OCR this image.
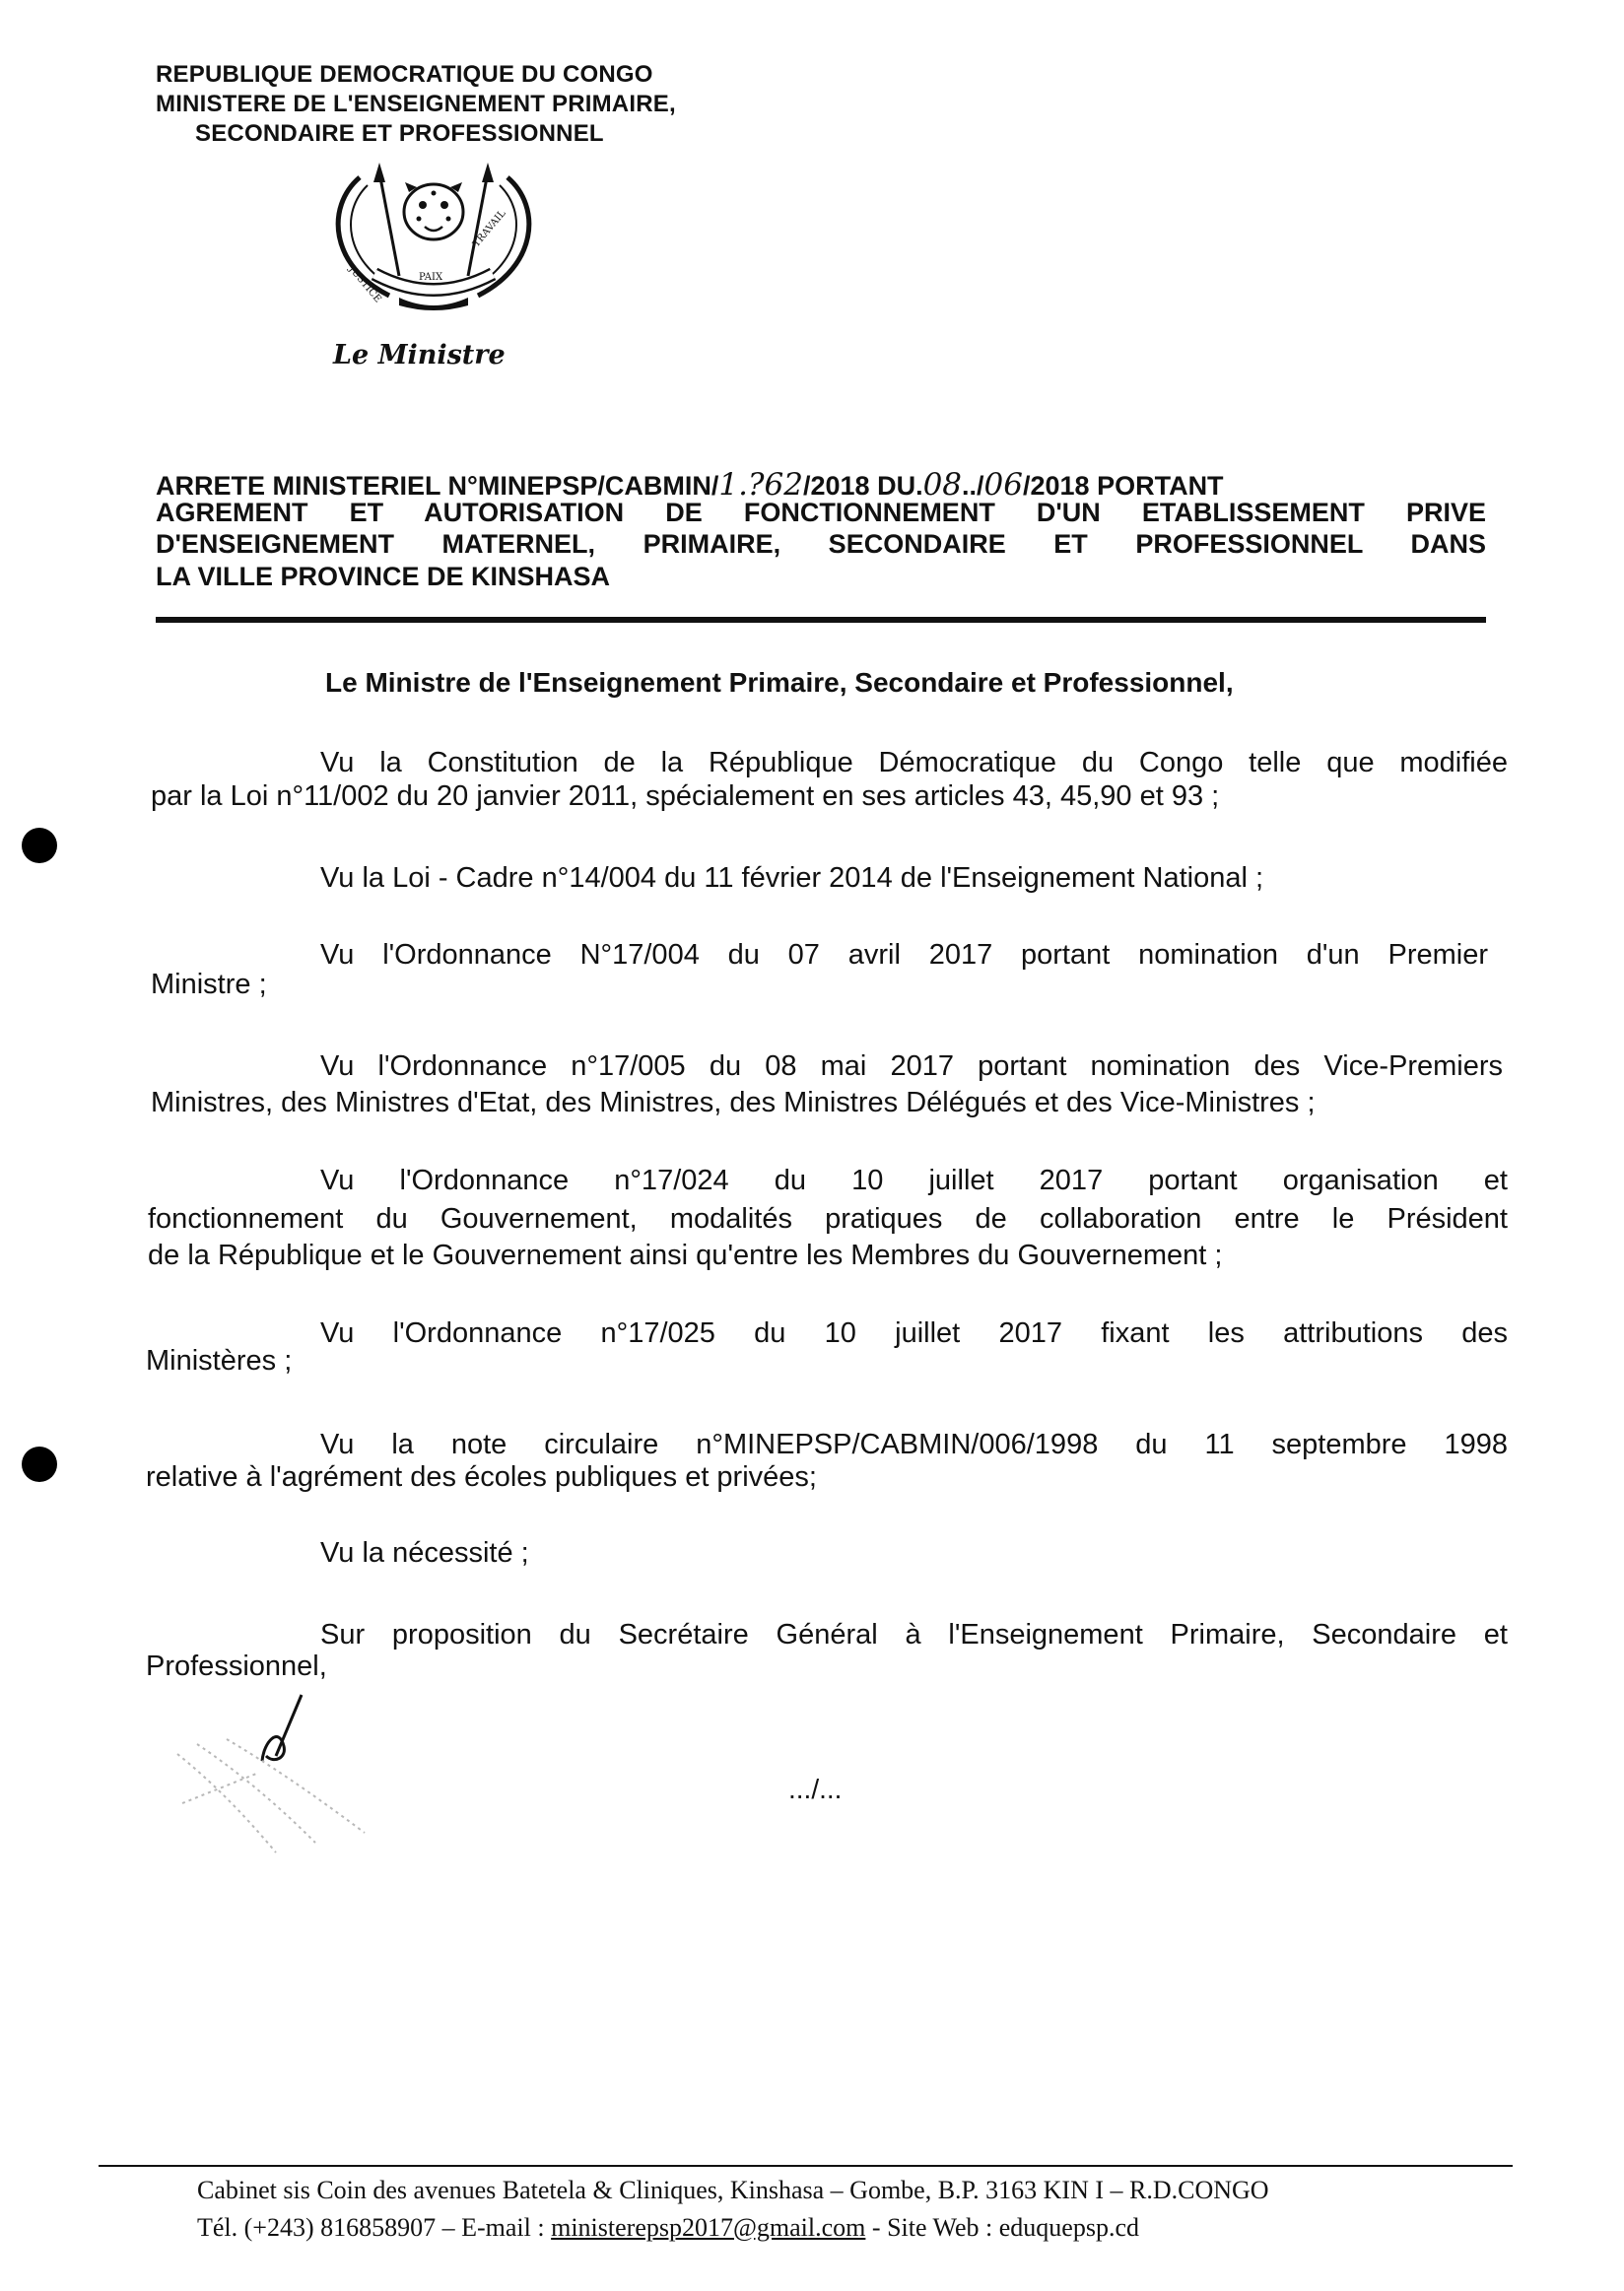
REPUBLIQUE DEMOCRATIQUE DU CONGO
MINISTERE DE L'ENSEIGNEMENT PRIMAIRE,
SECONDAIRE ET PROFESSIONNEL
JUSTICE	PAIX
TRAVAIL
Le Ministre
ARRETE MINISTERIEL N°MINEPSP/CABMIN/1.?62/2018 DU.08../06/2018 PORTANT
AGREMENT ET AUTORISATION DE FONCTIONNEMENT D'UN ETABLISSEMENT PRIVE
D'ENSEIGNEMENT MATERNEL, PRIMAIRE, SECONDAIRE ET PROFESSIONNEL DANS
LA VILLE PROVINCE DE KINSHASA
Le Ministre de l'Enseignement Primaire, Secondaire et Professionnel,
Vu la Constitution de la République Démocratique du Congo telle que modifiée
par la Loi n°11/002 du 20 janvier 2011, spécialement en ses articles 43, 45,90 et 93 ;
Vu la Loi - Cadre n°14/004 du 11 février 2014 de l'Enseignement National ;
Vu l'Ordonnance N°17/004 du 07 avril 2017 portant nomination d'un Premier
Ministre ;
Vu l'Ordonnance n°17/005 du 08 mai 2017 portant nomination des Vice-Premiers
Ministres, des Ministres d'Etat, des Ministres, des Ministres Délégués et des Vice-Ministres ;
Vu l'Ordonnance n°17/024 du 10 juillet 2017 portant organisation et
fonctionnement du Gouvernement, modalités pratiques de collaboration entre le Président
de la République et le Gouvernement ainsi qu'entre les Membres du Gouvernement ;
Vu l'Ordonnance n°17/025 du 10 juillet 2017 fixant les attributions des
Ministères ;
Vu la note circulaire n°MINEPSP/CABMIN/006/1998 du 11 septembre 1998
relative à l'agrément des écoles publiques et privées;
Vu la nécessité ;
Sur proposition du Secrétaire Général à l'Enseignement Primaire, Secondaire et
Professionnel,
.../...
Cabinet sis Coin des avenues Batetela & Cliniques, Kinshasa – Gombe, B.P. 3163 KIN I – R.D.CONGO
Tél. (+243) 816858907 – E-mail : ministerepsp2017@gmail.com - Site Web : eduquepsp.cd
